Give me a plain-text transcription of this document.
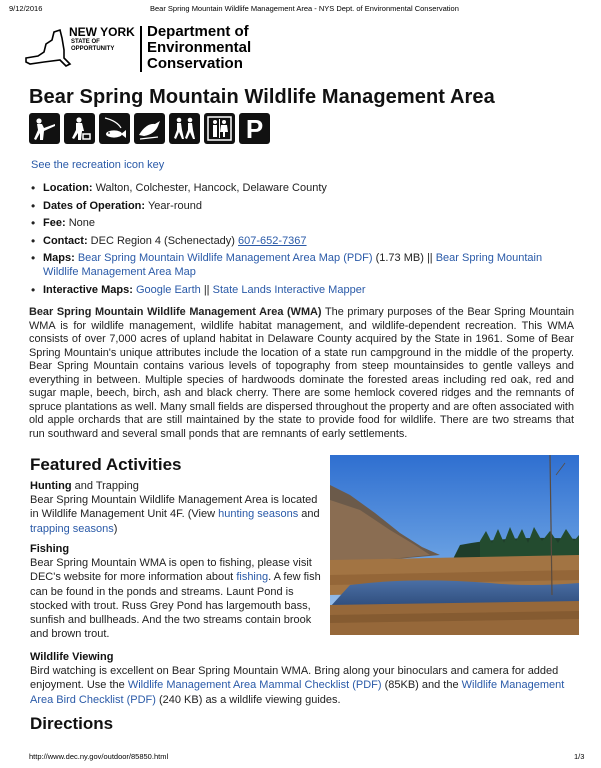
9/12/2016	Bear Spring Mountain Wildlife Management Area - NYS Dept. of Environmental Conservation
NEW YORK
STATE OF
OPPORTUNITY
Department of
Environmental
Conservation
Bear Spring Mountain Wildlife Management Area
P
See the recreation icon key
• Location: Walton, Colchester, Hancock, Delaware County
• Dates of Operation: Year-round
• Fee: None
• Contact: DEC Region 4 (Schenectady) 607-652-7367
• Maps: Bear Spring Mountain Wildlife Management Area Map (PDF) (1.73 MB) || Bear Spring Mountain Wildlife Management Area Map
• Interactive Maps: Google Earth || State Lands Interactive Mapper
Bear Spring Mountain Wildlife Management Area (WMA) The primary purposes of the Bear Spring Mountain WMA is for wildlife management, wildlife habitat management, and wildlife-dependent recreation. This WMA consists of over 7,000 acres of upland habitat in Delaware County acquired by the State in 1961. Some of Bear Spring Mountain's unique attributes include the location of a state run campground in the middle of the property. Bear Spring Mountain contains various levels of topography from steep mountainsides to gentle valleys and everything in between. Multiple species of hardwoods dominate the forested areas including red oak, red and sugar maple, beech, birch, ash and black cherry. There are some hemlock covered ridges and the remnants of spruce plantations as well. Many small fields are dispersed throughout the property and are often associated with old apple orchards that are still maintained by the state to provide food for wildlife. There are two streams that run southward and several small ponds that are remnants of early settlements.
Featured Activities
Hunting and Trapping
Bear Spring Mountain Wildlife Management Area is located in Wildlife Management Unit 4F. (View hunting seasons and trapping seasons)
Fishing
Bear Spring Mountain WMA is open to fishing, please visit DEC's website for more information about fishing. A few fish can be found in the ponds and streams. Launt Pond is stocked with trout. Russ Grey Pond has largemouth bass, sunfish and bullheads. And the two streams contain brook and brown trout.
Wildlife Viewing
Bird watching is excellent on Bear Spring Mountain WMA. Bring along your binoculars and camera for added enjoyment. Use the Wildlife Management Area Mammal Checklist (PDF) (85KB) and the Wildlife Management Area Bird Checklist (PDF) (240 KB) as a wildlife viewing guides.
Directions
http://www.dec.ny.gov/outdoor/85850.html	1/3
